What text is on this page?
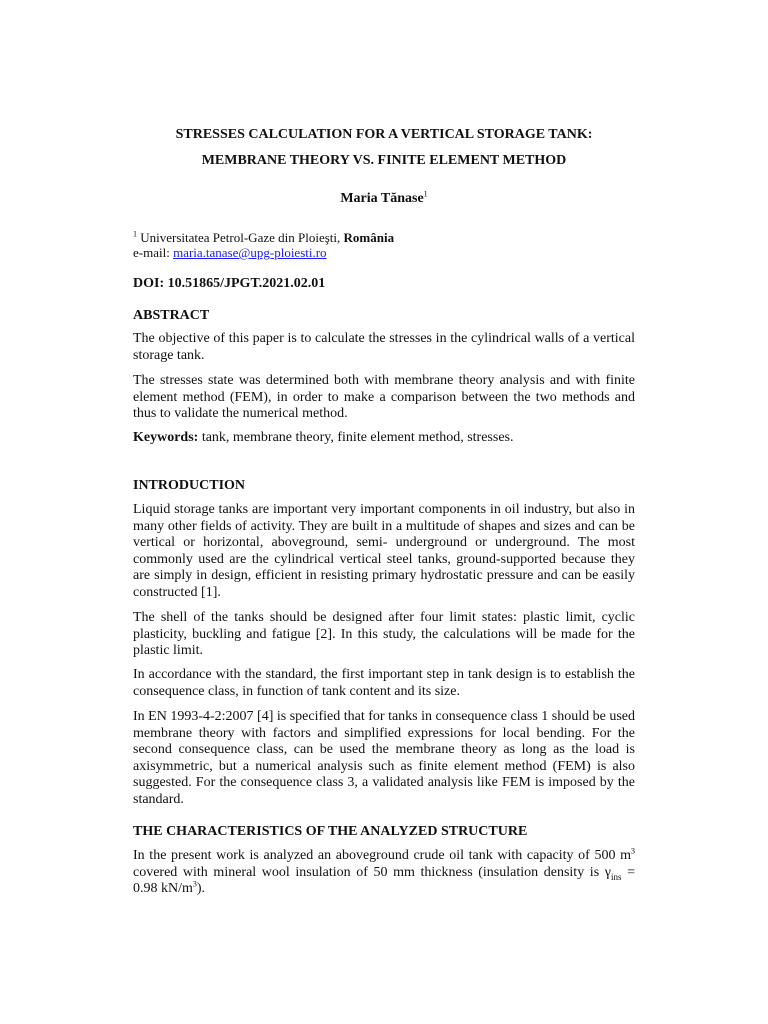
STRESSES CALCULATION FOR A VERTICAL STORAGE TANK:

MEMBRANE THEORY VS. FINITE ELEMENT METHOD

Maria Tănase$^1$

$^1$ Universitatea Petrol-Gaze din Ploieşti, România
e-mail: maria.tanase@upg-ploiesti.ro

DOI: 10.51865/JPGT.2021.02.01

ABSTRACT

The objective of this paper is to calculate the stresses in the cylindrical walls of a vertical storage tank.

The stresses state was determined both with membrane theory analysis and with finite element method (FEM), in order to make a comparison between the two methods and thus to validate the numerical method.

Keywords: tank, membrane theory, finite element method, stresses.

INTRODUCTION

Liquid storage tanks are important very important components in oil industry, but also in many other fields of activity. They are built in a multitude of shapes and sizes and can be vertical or horizontal, aboveground, semi- underground or underground. The most commonly used are the cylindrical vertical steel tanks, ground-supported because they are simply in design, efficient in resisting primary hydrostatic pressure and can be easily constructed [1].

The shell of the tanks should be designed after four limit states: plastic limit, cyclic plasticity, buckling and fatigue [2]. In this study, the calculations will be made for the plastic limit.

In accordance with the standard, the first important step in tank design is to establish the consequence class, in function of tank content and its size.

In EN 1993-4-2:2007 [4] is specified that for tanks in consequence class 1 should be used membrane theory with factors and simplified expressions for local bending. For the second consequence class, can be used the membrane theory as long as the load is axisymmetric, but a numerical analysis such as finite element method (FEM) is also suggested. For the consequence class 3, a validated analysis like FEM is imposed by the standard.

THE CHARACTERISTICS OF THE ANALYZED STRUCTURE

In the present work is analyzed an aboveground crude oil tank with capacity of 500 $m^3$ covered with mineral wool insulation of 50 mm thickness (insulation density is $\gamma_{ins} = 0.98$ $kN/m^3$).
